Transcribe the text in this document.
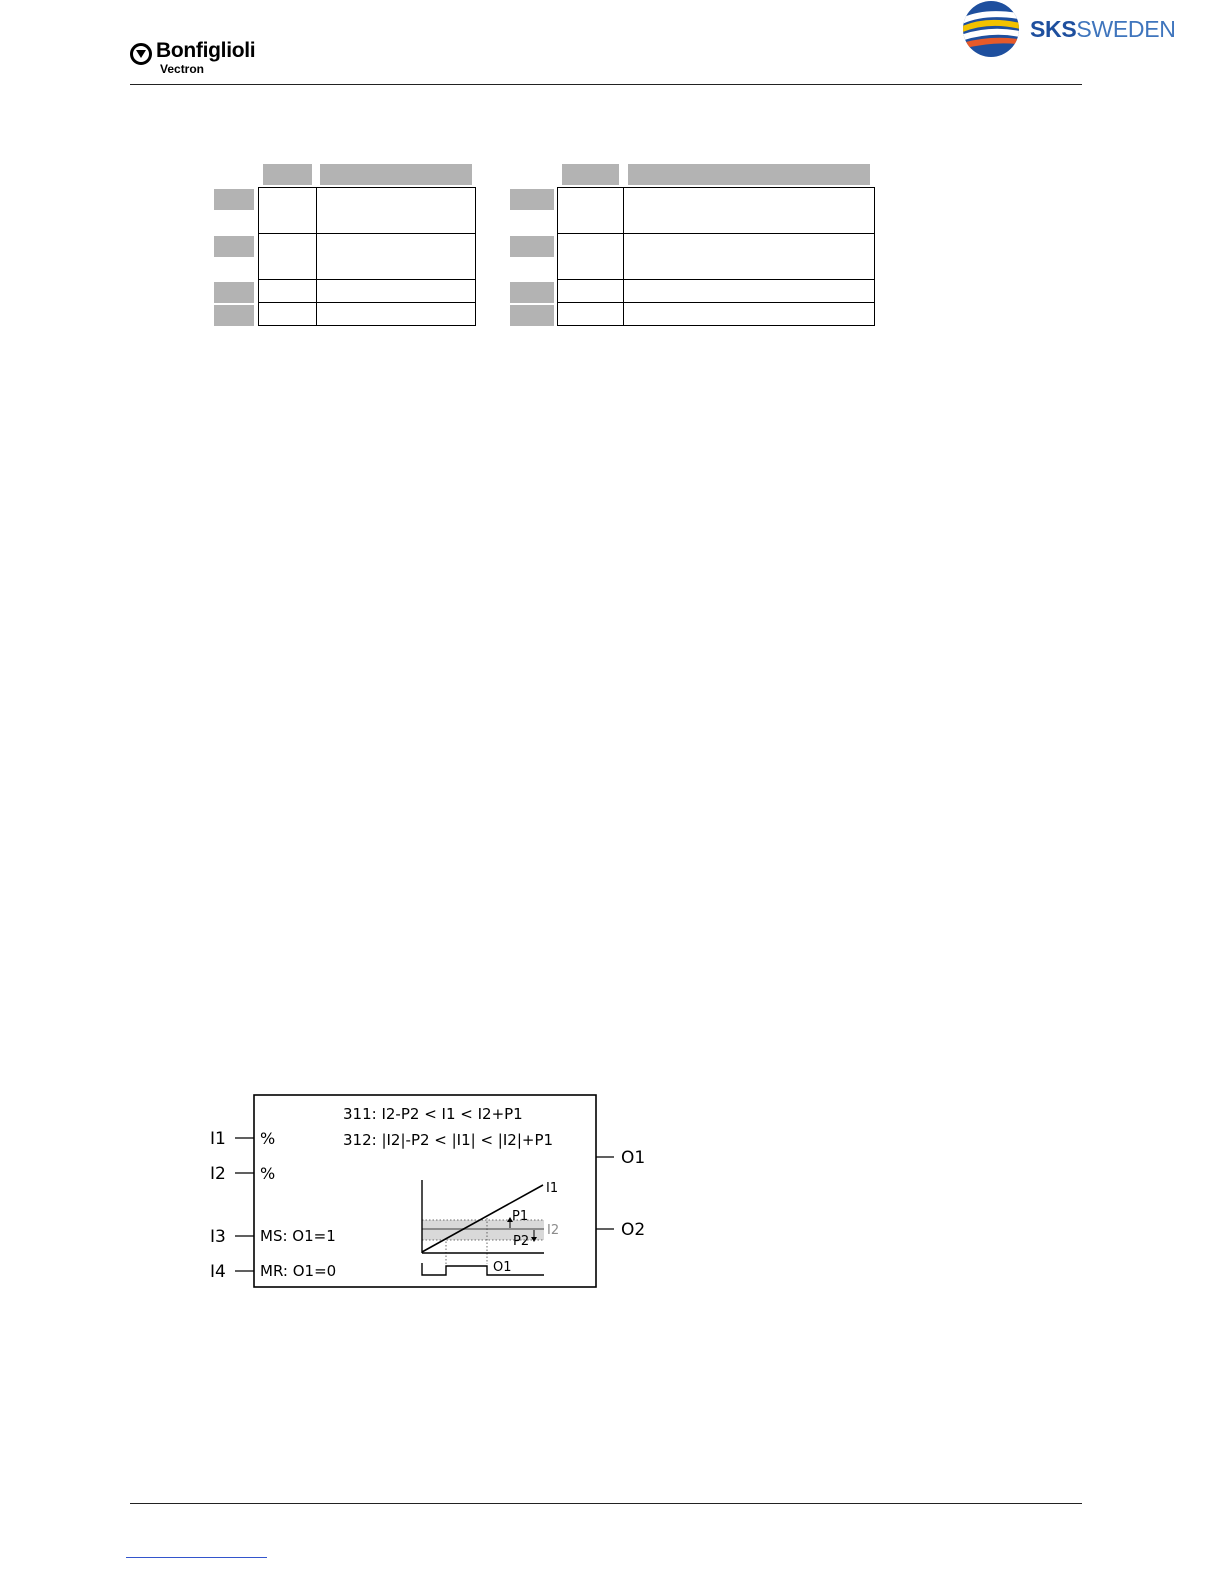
Bonfiglioli
Vectron
SKSSWEDEN

311: I2-P2 < I1 < I2+P1
312: |I2|-P2 < |I1| < |I2|+P1
I1
I2
I3
I4
%
%
MS: O1=1
MR: O1=0
O1
O2
I1
P1
P2
I2
O1
